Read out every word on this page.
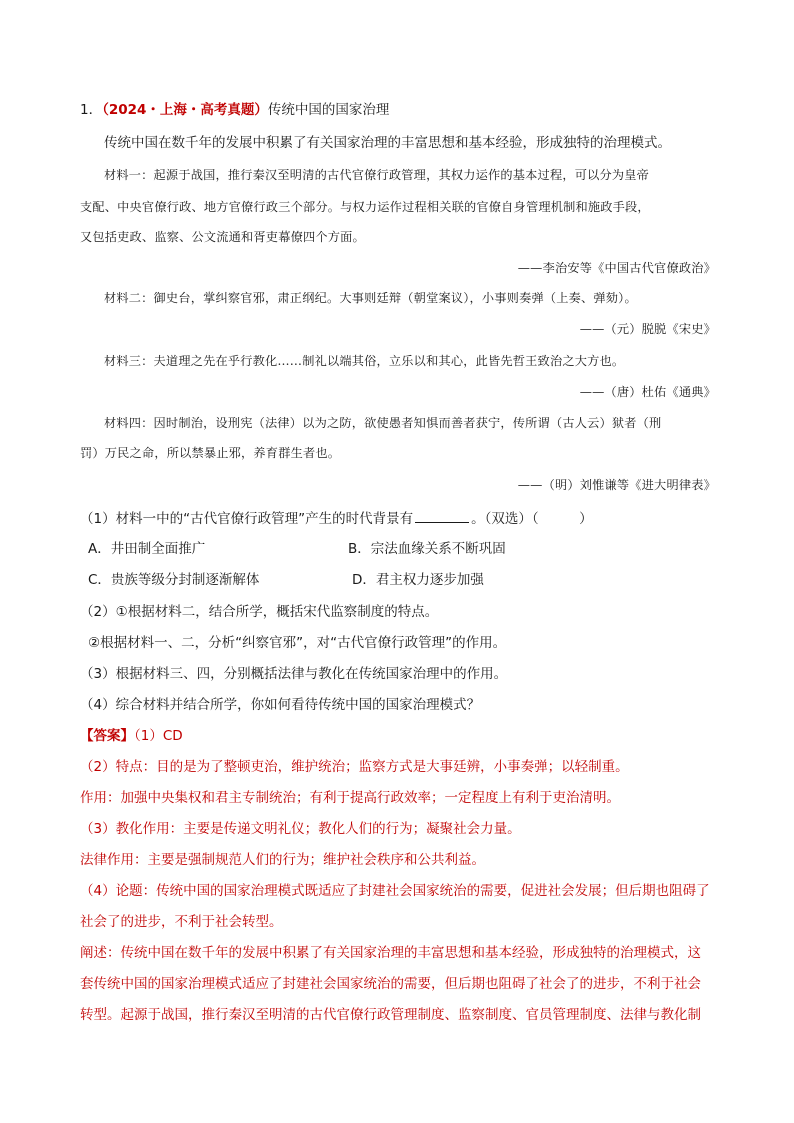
1．（2024・上海・高考真题）传统中国的国家治理
传统中国在数千年的发展中积累了有关国家治理的丰富思想和基本经验，形成独特的治理模式。
材料一：起源于战国，推行秦汉至明清的古代官僚行政管理，其权力运作的基本过程，可以分为皇帝
支配、中央官僚行政、地方官僚行政三个部分。与权力运作过程相关联的官僚自身管理机制和施政手段，
又包括吏政、监察、公文流通和胥吏幕僚四个方面。
——李治安等《中国古代官僚政治》
材料二：御史台，掌纠察官邪，肃正纲纪。大事则廷辩（朝堂案议），小事则奏弹（上奏、弹劾）。
——（元）脱脱《宋史》
材料三：夫道理之先在乎行教化……制礼以端其俗，立乐以和其心，此皆先哲王致治之大方也。
——（唐）杜佑《通典》
材料四：因时制治，设刑宪（法律）以为之防，欲使愚者知惧而善者获宁，传所谓（古人云）狱者（刑
罚）万民之命，所以禁暴止邪，养育群生者也。
——（明）刘惟谦等《进大明律表》
（1）材料一中的“古代官僚行政管理”产生的时代背景有	。（双选）（　　　）
A．井田制全面推广	B．宗法血缘关系不断巩固
C．贵族等级分封制逐渐解体	D．君主权力逐步加强
（2）①根据材料二，结合所学，概括宋代监察制度的特点。
②根据材料一、二，分析“纠察官邪”，对“古代官僚行政管理”的作用。
（3）根据材料三、四，分别概括法律与教化在传统国家治理中的作用。
（4）综合材料并结合所学，你如何看待传统中国的国家治理模式？
【答案】（1）CD
（2）特点：目的是为了整顿吏治，维护统治；监察方式是大事廷辨，小事奏弹；以轻制重。
作用：加强中央集权和君主专制统治；有利于提高行政效率；一定程度上有利于吏治清明。
（3）教化作用：主要是传递文明礼仪；教化人们的行为；凝聚社会力量。
法律作用：主要是强制规范人们的行为；维护社会秩序和公共利益。
（4）论题：传统中国的国家治理模式既适应了封建社会国家统治的需要，促进社会发展；但后期也阻碍了
社会了的进步，不利于社会转型。
阐述：传统中国在数千年的发展中积累了有关国家治理的丰富思想和基本经验，形成独特的治理模式，这
套传统中国的国家治理模式适应了封建社会国家统治的需要，但后期也阻碍了社会了的进步，不利于社会
转型。起源于战国，推行秦汉至明清的古代官僚行政管理制度、监察制度、官员管理制度、法律与教化制
